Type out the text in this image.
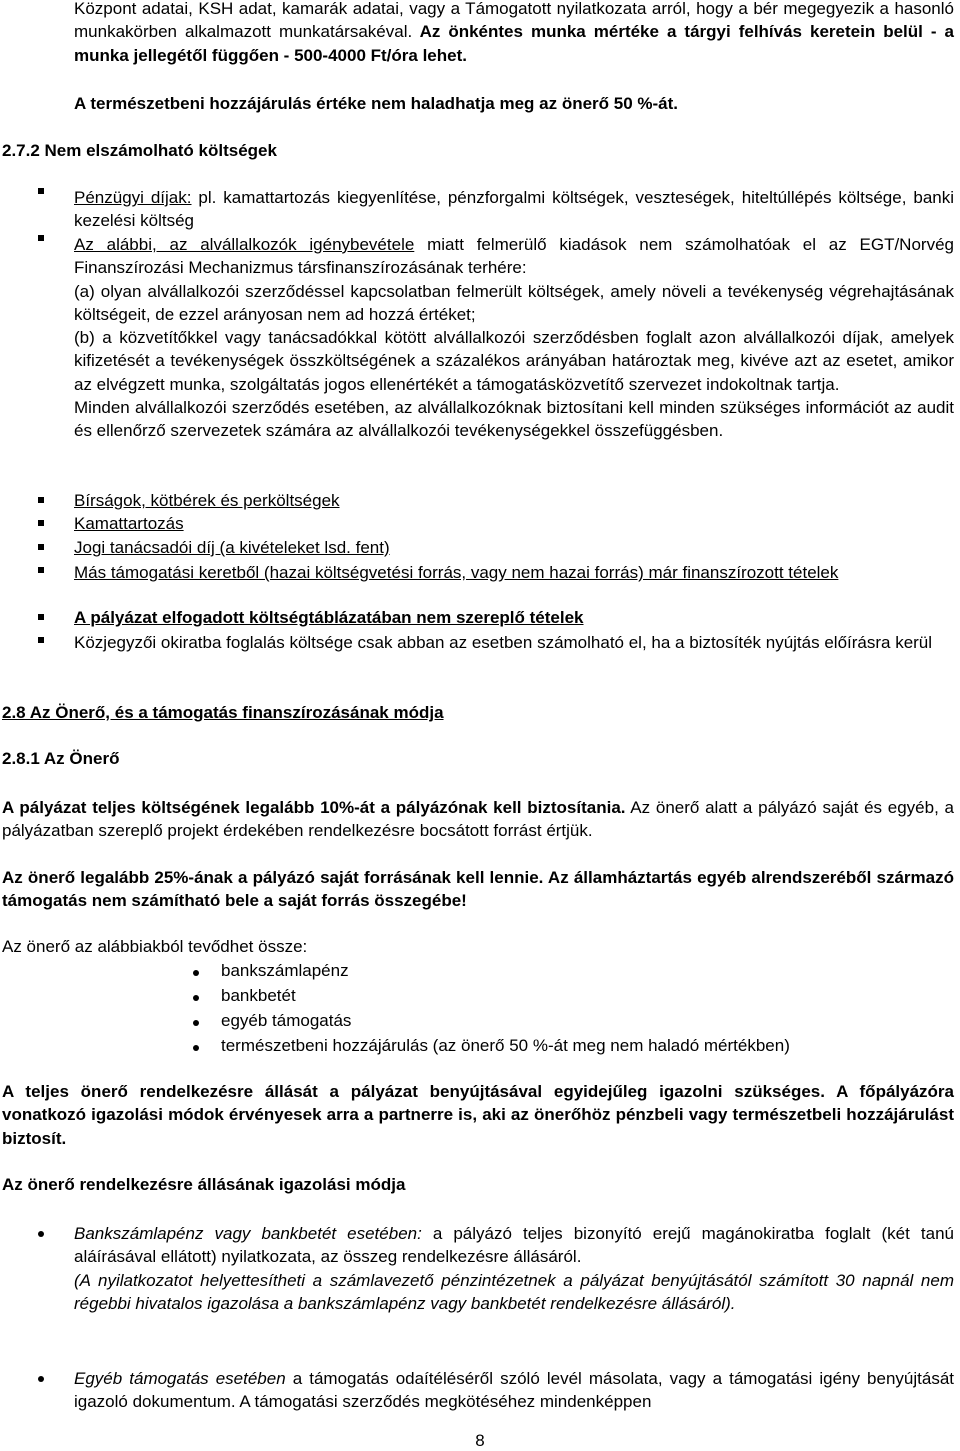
Központ adatai, KSH adat, kamarák adatai, vagy a Támogatott nyilatkozata arról, hogy a bér megegyezik a hasonló munkakörben alkalmazott munkatársakéval. Az önkéntes munka mértéke a tárgyi felhívás keretein belül - a munka jellegétől függően - 500-4000 Ft/óra lehet.
A természetbeni hozzájárulás értéke nem haladhatja meg az önerő 50 %-át.
2.7.2 Nem elszámolható költségek
Pénzügyi díjak: pl. kamattartozás kiegyenlítése, pénzforgalmi költségek, veszteségek, hiteltúllépés költsége, banki kezelési költség
Az alábbi, az alvállalkozók igénybevétele miatt felmerülő kiadások nem számolhatóak el az EGT/Norvég Finanszírozási Mechanizmus társfinanszírozásának terhére:
(a) olyan alvállalkozói szerződéssel kapcsolatban felmerült költségek, amely növeli a tevékenység végrehajtásának költségeit, de ezzel arányosan nem ad hozzá értéket;
(b) a közvetítőkkel vagy tanácsadókkal kötött alvállalkozói szerződésben foglalt azon alvállalkozói díjak, amelyek kifizetését a tevékenységek összköltségének a százalékos arányában határoztak meg, kivéve azt az esetet, amikor az elvégzett munka, szolgáltatás jogos ellenértékét a támogatásközvetítő szervezet indokoltnak tartja.
Minden alvállalkozói szerződés esetében, az alvállalkozóknak biztosítani kell minden szükséges információt az audit és ellenőrző szervezetek számára az alvállalkozói tevékenységekkel összefüggésben.
Bírságok, kötbérek és perköltségek
Kamattartozás
Jogi tanácsadói díj (a kivételeket lsd. fent)
Más támogatási keretből (hazai költségvetési forrás, vagy nem hazai forrás) már finanszírozott tételek
A pályázat elfogadott költségtáblázatában nem szereplő tételek
Közjegyzői okiratba foglalás költsége csak abban az esetben számolható el, ha a biztosíték nyújtás előírásra kerül
2.8 Az Önerő, és a támogatás finanszírozásának módja
2.8.1 Az Önerő
A pályázat teljes költségének legalább 10%-át a pályázónak kell biztosítania. Az önerő alatt a pályázó saját és egyéb, a pályázatban szereplő projekt érdekében rendelkezésre bocsátott forrást értjük.
Az önerő legalább 25%-ának a pályázó saját forrásának kell lennie. Az államháztartás egyéb alrendszeréből származó támogatás nem számítható bele a saját forrás összegébe!
Az önerő az alábbiakból tevődhet össze:
bankszámlapénz
bankbetét
egyéb támogatás
természetbeni hozzájárulás (az önerő 50 %-át meg nem haladó mértékben)
A teljes önerő rendelkezésre állását a pályázat benyújtásával egyidejűleg igazolni szükséges. A főpályázóra vonatkozó igazolási módok érvényesek arra a partnerre is, aki az önerőhöz pénzbeli vagy természetbeli hozzájárulást biztosít.
Az önerő rendelkezésre állásának igazolási módja
Bankszámlapénz vagy bankbetét esetében: a pályázó teljes bizonyító erejű magánokiratba foglalt (két tanú aláírásával ellátott) nyilatkozata, az összeg rendelkezésre állásáról.
(A nyilatkozatot helyettesítheti a számlavezető pénzintézetnek a pályázat benyújtásától számított 30 napnál nem régebbi hivatalos igazolása a bankszámlapénz vagy bankbetét rendelkezésre állásáról).
Egyéb támogatás esetében a támogatás odaítéléséről szóló levél másolata, vagy a támogatási igény benyújtását igazoló dokumentum. A támogatási szerződés megkötéséhez mindenképpen
8
